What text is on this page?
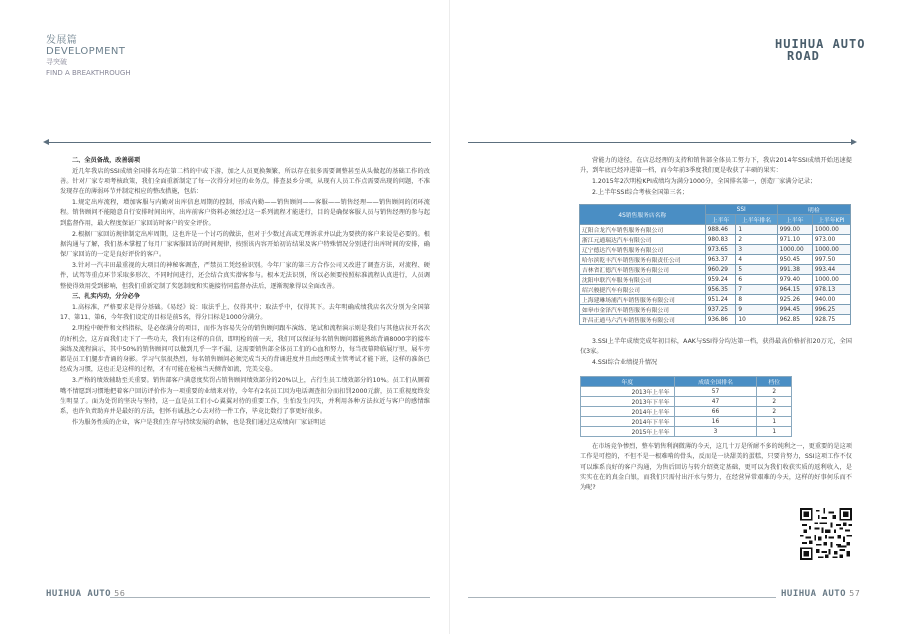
发展篇
DEVELOPMENT
寻突破
FIND A BREAKTHROUGH
HUIHUA AUTO
ROAD

二、全员备战，改善弱项

近几年我店的SSI成绩全国排名均在第二档的中或下游，加之人员更换频繁，所以存在很多需要调整甚至从头做起的基础工作的改善。针对厂家专项考核政策，我们全面重新制定了每一次得分对应的业务点，排查县乡分项，从现有人员工作点需要出现的问题，不准发现存在的薄弱环节并制定相应的整改措施，包括：

1.规定出库流程，增加客服与内勤对出库信息周期的控制，形成内勤——销售顾问——客服——销售经理——销售顾问的闭环流程。销售顾问不能随意自行安排时间出库，出库前客户资料必须经过这一系列流程才能进行，目的是确保客服人员与销售经理的参与起到监督作用，最大程度保证厂家回访时客户的安全评价。

2.根据厂家回访规律制定出库周期，这也许是一个讨巧的做法，但对于少数过高或无理诉求并以此为要挟的客户来说是必要的。根据沟通与了解，我们基本掌握了每月厂家客服回访的时间规律，按照该内容开始初访结果及客户特殊情况分别进行出库时间的安排，确保厂家回访的一定是良好评价的客户。

3.针对一汽丰田最重视的大项目的神秘客调查，严禁员工凭经验识别。今年厂家的第三方合作公司又改进了调查方法，对流程、硬件，试驾等重点环节采取多形次、不同时间进行，还会结合真实潜客参与。根本无法识别，所以必须要按照标准流程认真进行，人员调整使得效用受到影响，但我们重新定制了奖惩制度和实施接待同监督办法后，逐渐现象得以全面改善。

三、扎实内功，分分必争

1.高标准，严格要求是得分基础。《易经》说：取法乎上，仅得其中；取法乎中，仅得其下。去年明确成绩我店名次分别为全国第17、第11、第6，今年我们设定的目标是前5名，得分目标是1000分满分。

2.明检中硬件和文档指标，是必保满分的项目，而作为容易失分的销售顾问跟车演练、笔试和流程演示则是我们与其他店拉开名次的好机会，这方面我们走下了一些功夫，我们有这样的自信，即明检的前一天，我们可以保证每名销售顾问都能熟练背诵8000字的接车演练及流程演示，其中50%的销售顾问可以做到几乎一字不漏，这需要销售部全体员工们的心血和努力，每当夜幕降临展厅里，展车旁都是员工们腿步背诵的身影。学习气氛很热烈，每名销售顾问必须完成当天的背诵进度并且由经理成主管考试才能下班，这样的准备已经成为习惯，这也正是这样的过程，才有可能在检核当天侧背如流，完美交卷。

3.严格的绩效辅助至关重要。销售部客户满意度奖罚占销售顾问绩效部分的20%以上，占行生员工绩效部分的10%。员工们从厕着嘴不情愿到习惯地把着客户回访评价作为一项重要的业绩来对待，今年有2名员工因为电话调查扣分而扣罚2000元薪，员工重视度终发生明显了。面为处罚的坚决与坚持，这一直是员工们小心翼翼对待的重要工作，生怕发生闪失，并利用各种方法拉近与客户的感情维系，也许负责助弃并是最好的方法，但怀有诚恳之心去对待一件工作，毕竟比数行了事更好很多。

作为服务性质的企业，客户是我们生存与持续发展的命脉，也是我们通过这成绩向厂家证明运

营能力的途径，在店总经理的支持和销售部全体员工努力下，我店2014年SSI成绩开始迅速提升，到年底已经冲进第一档，而今年前3季度我们更是收获了丰硕的果实：

1.2015年2次明检KPI成绩均为满分1000分，全国排名第一，创造厂家满分记录；

2.上半年SSI综合考核全国第三名；

4S销售服务店名称	SSI		明检	
	上半年	上半年排名	上半年	上半年KPI
辽阳合龙汽车销售服务有限公司	988.46	1	999.00	1000.00
浙江元通瑞达汽车有限公司	980.83	2	971.10	973.00
辽宁德达汽车销售服务有限公司	973.65	3	1000.00	1000.00
哈尔滨乾丰汽车销售服务有限责任公司	963.37	4	950.45	997.50
吉林省汇德汽车销售服务有限公司	960.29	5	991.38	993.44
沈阳申联汽车服务有限公司	959.24	6	979.40	1000.00
绍兴骏捷汽车有限公司	956.35	7	964.15	978.13
上海建琳场浦汽车销售服务有限公司	951.24	8	925.26	940.00
如皋市金泽汽车销售服务有限公司	937.25	9	994.45	996.25
许昌正通马六汽车销售服务有限公司	936.86	10	962.85	928.75

3.SSI上半年成绩完成年初目标，AAK与SSI得分均达第一档，获得最高价格折扣20万元，全国仅3家。

4.SSI综合业绩提升情况

年度	成绩全国排名	档位
2013年上半年	57	2
2013年下半年	47	2
2014年上半年	66	2
2014年下半年	16	1
2015年上半年	3	1

在市场竞争惨烈，整车销售利润微薄的今天，这几十万是所耐不多的纯利之一，更重要的是这项工作是可控的，不但不是一根难啃的骨头，反而是一块甜美的蛋糕，只要肯努力，SSI这项工作不仅可以维系良好的客户沟通，为售后回访与转介绍奠定基础，更可以为我们收获实质的返利收入，是实实在在的真金白银，而我们只需付出汗水与努力，在经营异常艰难的今天，这样的好事何乐而不为呢?

HUIHUA AUTO 56	HUIHUA AUTO 57
